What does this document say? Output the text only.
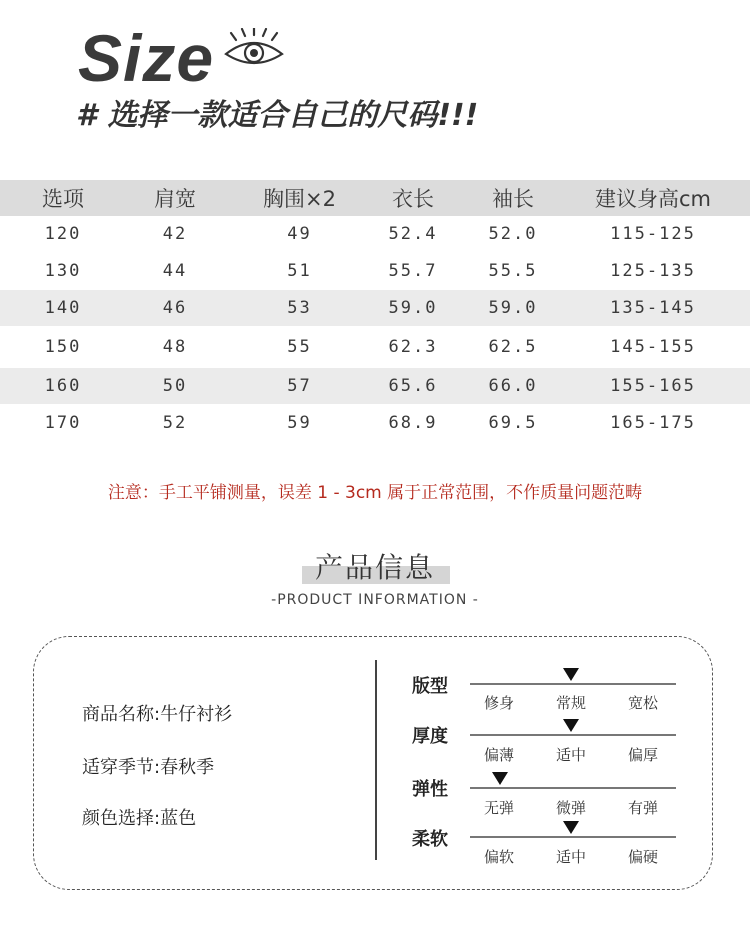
Size
# 选择一款适合自己的尺码!!!
选项	肩宽	胸围×2	衣长	袖长	建议身高cm
120	42	49	52.4	52.0	115-125
130	44	51	55.7	55.5	125-135
140	46	53	59.0	59.0	135-145
150	48	55	62.3	62.5	145-155
160	50	57	65.6	66.0	155-165
170	52	59	68.9	69.5	165-175
注意：手工平铺测量，误差 1 - 3cm 属于正常范围，不作质量问题范畴
产品信息
-PRODUCT INFORMATION -
商品名称:牛仔衬衫
适穿季节:春秋季
颜色选择:蓝色
版型
修身	常规	宽松
厚度
偏薄	适中	偏厚
弹性
无弹	微弹	有弹
柔软
偏软	适中	偏硬
